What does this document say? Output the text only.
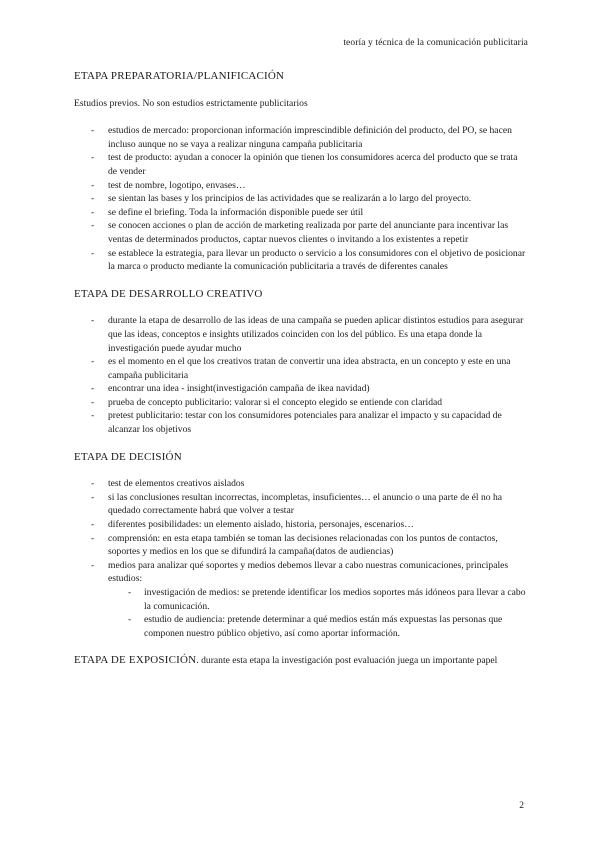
teoría y técnica de la comunicación publicitaria
ETAPA PREPARATORIA/PLANIFICACIÓN

Estudios previos. No son estudios estrictamente publicitarios

- estudios de mercado: proporcionan información imprescindible definición del producto, del PO, se hacen incluso aunque no se vaya a realizar ninguna campaña publicitaria
- test de producto: ayudan a conocer la opinión que tienen los consumidores acerca del producto que se trata de vender
- test de nombre, logotipo, envases…
- se sientan las bases y los principios de las actividades que se realizarán a lo largo del proyecto.
- se define el briefing. Toda la información disponible puede ser útil
- se conocen acciones o plan de acción de marketing realizada por parte del anunciante para incentivar las ventas de determinados productos, captar nuevos clientes o invitando a los existentes a repetir
- se establece la estrategia, para llevar un producto o servicio a los consumidores con el objetivo de posicionar la marca o producto mediante la comunicación publicitaria a través de diferentes canales
ETAPA DE DESARROLLO CREATIVO
- durante la etapa de desarrollo de las ideas de una campaña se pueden aplicar distintos estudios para asegurar que las ideas, conceptos e insights utilizados coinciden con los del público. Es una etapa donde la investigación puede ayudar mucho
- es el momento en el que los creativos tratan de convertir una idea abstracta, en un concepto y este en una campaña publicitaria
- encontrar una idea - insight(investigación campaña de ikea navidad)
- prueba de concepto publicitario: valorar si el concepto elegido se entiende con claridad
- pretest publicitario: testar con los consumidores potenciales para analizar el impacto y su capacidad de alcanzar los objetivos
ETAPA DE DECISIÓN
- test de elementos creativos aislados
- si las conclusiones resultan incorrectas, incompletas, insuficientes… el anuncio o una parte de él no ha quedado correctamente habrá que volver a testar
- diferentes posibilidades: un elemento aislado, historia, personajes, escenarios…
- comprensión: en esta etapa también se toman las decisiones relacionadas con los puntos de contactos, soportes y medios en los que se difundirá la campaña(datos de audiencias)
- medios para analizar qué soportes y medios debemos llevar a cabo nuestras comunicaciones, principales estudios:
- investigación de medios: se pretende identificar los medios soportes más idóneos para llevar a cabo la comunicación.
- estudio de audiencia: pretende determinar a qué medios están más expuestas las personas que componen nuestro público objetivo, así como aportar información.

ETAPA DE EXPOSICIÓN. durante esta etapa la investigación post evaluación juega un importante papel

2
